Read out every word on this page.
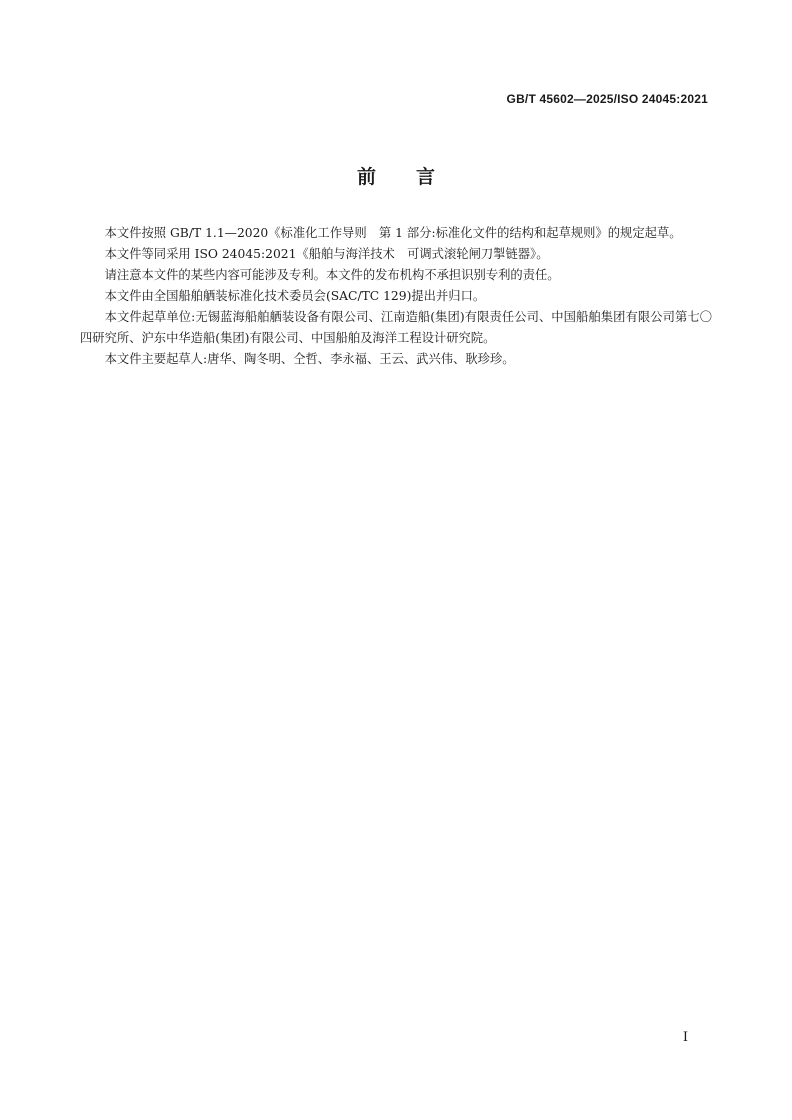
GB/T 45602—2025/ISO 24045:2021
前 言

本文件按照 GB/T 1.1—2020《标准化工作导则　第 1 部分:标准化文件的结构和起草规则》的规定起草。

本文件等同采用 ISO 24045:2021《船舶与海洋技术　可调式滚轮闸刀掣链器》。

请注意本文件的某些内容可能涉及专利。本文件的发布机构不承担识别专利的责任。

本文件由全国船舶舾装标准化技术委员会(SAC/TC 129)提出并归口。

本文件起草单位:无锡蓝海船舶舾装设备有限公司、江南造船(集团)有限责任公司、中国船舶集团有限公司第七〇四研究所、沪东中华造船(集团)有限公司、中国船舶及海洋工程设计研究院。

本文件主要起草人:唐华、陶冬明、仝哲、李永福、王云、武兴伟、耿珍珍。

I
